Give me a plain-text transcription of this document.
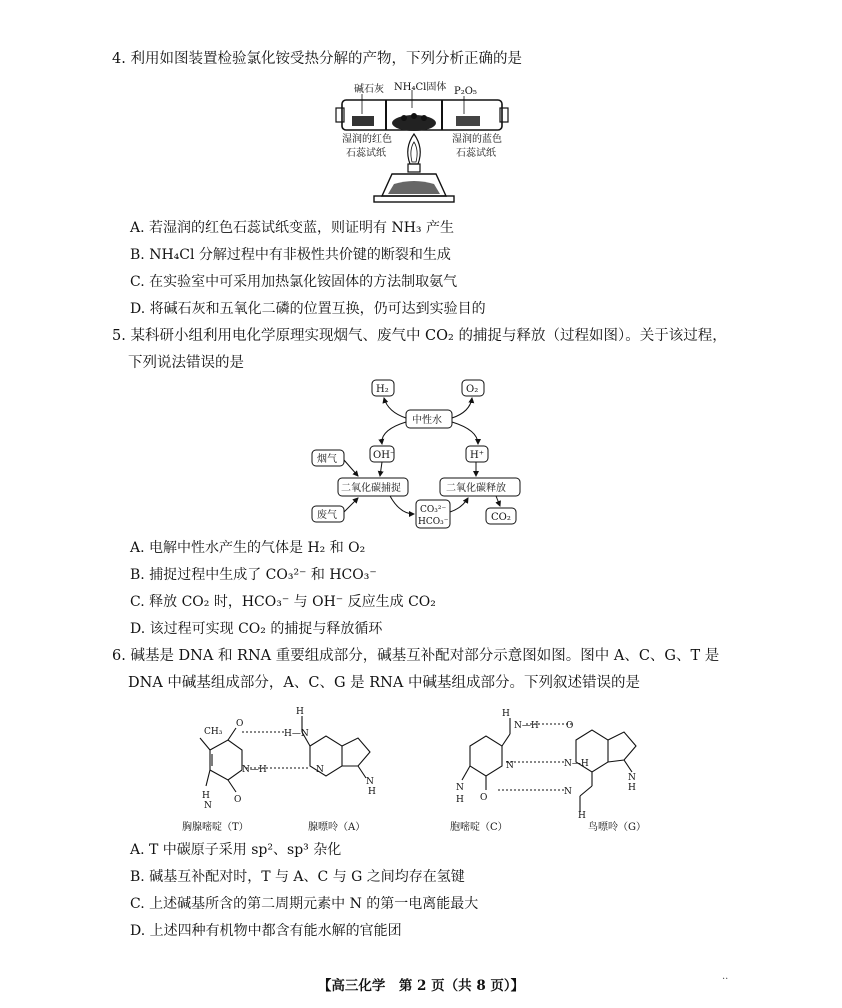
4. 利用如图装置检验氯化铵受热分解的产物，下列分析正确的是
碱石灰 NH₄Cl固体 P₂O₅
湿润的红色
石蕊试纸
湿润的蓝色
石蕊试纸
A. 若湿润的红色石蕊试纸变蓝，则证明有 NH₃ 产生
B. NH₄Cl 分解过程中有非极性共价键的断裂和生成
C. 在实验室中可采用加热氯化铵固体的方法制取氨气
D. 将碱石灰和五氧化二磷的位置互换，仍可达到实验目的
5. 某科研小组利用电化学原理实现烟气、废气中 CO₂ 的捕捉与释放（过程如图）。关于该过程，
下列说法错误的是
H₂	O₂
中性水
OH⁻	H⁺
烟气
废气
二氧化碳捕捉	二氧化碳释放
CO₃²⁻
HCO₃⁻	CO₂
A. 电解中性水产生的气体是 H₂ 和 O₂
B. 捕捉过程中生成了 CO₃²⁻ 和 HCO₃⁻
C. 释放 CO₂ 时，HCO₃⁻ 与 OH⁻ 反应生成 CO₂
D. 该过程可实现 CO₂ 的捕捉与释放循环
6. 碱基是 DNA 和 RNA 重要组成部分，碱基互补配对部分示意图如图。图中 A、C、G、T 是
DNA 中碱基组成部分，A、C、G 是 RNA 中碱基组成部分。下列叙述错误的是
CH₃
O
O
H
N
N—H
H—N
H
N
N
H
H
N—H
N
O
N
H
O
N—H
N
H
N
H
胸腺嘧啶（T）	腺嘌呤（A）	胞嘧啶（C）	鸟嘌呤（G）
A. T 中碳原子采用 sp²、sp³ 杂化
B. 碱基互补配对时，T 与 A、C 与 G 之间均存在氢键
C. 上述碱基所含的第二周期元素中 N 的第一电离能最大
D. 上述四种有机物中都含有能水解的官能团
【高三化学　第 2 页（共 8 页）】	··
